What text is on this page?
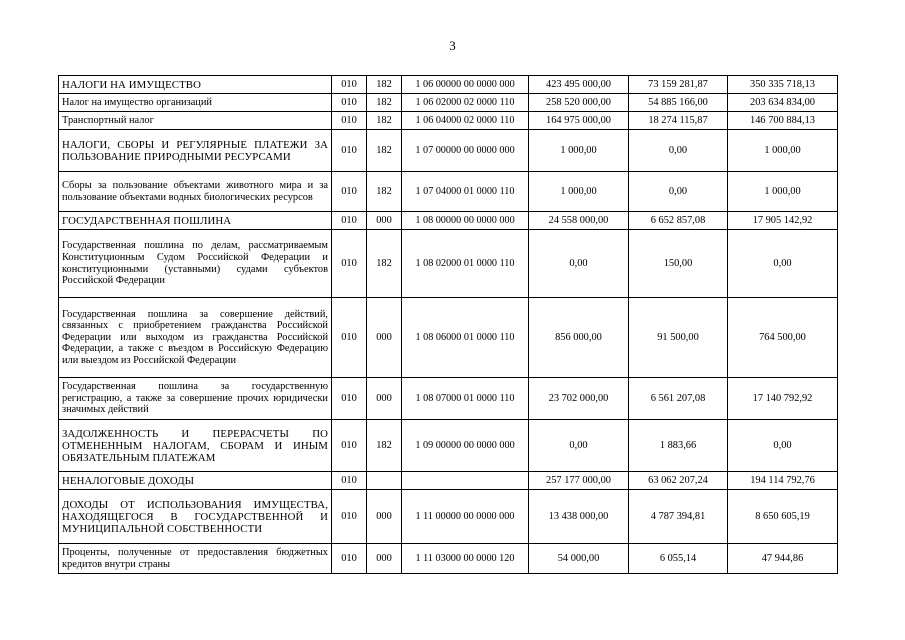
3
НАЛОГИ НА ИМУЩЕСТВО	010	182	1 06 00000 00 0000 000	423 495 000,00	73 159 281,87	350 335 718,13
Налог на имущество организаций	010	182	1 06 02000 02 0000 110	258 520 000,00	54 885 166,00	203 634 834,00
Транспортный налог	010	182	1 06 04000 02 0000 110	164 975 000,00	18 274 115,87	146 700 884,13
НАЛОГИ, СБОРЫ И РЕГУЛЯРНЫЕ ПЛАТЕЖИ ЗА ПОЛЬЗОВАНИЕ ПРИРОДНЫМИ РЕСУРСАМИ	010	182	1 07 00000 00 0000 000	1 000,00	0,00	1 000,00
Сборы за пользование объектами животного мира и за пользование объектами водных биологических ресурсов	010	182	1 07 04000 01 0000 110	1 000,00	0,00	1 000,00
ГОСУДАРСТВЕННАЯ ПОШЛИНА	010	000	1 08 00000 00 0000 000	24 558 000,00	6 652 857,08	17 905 142,92
Государственная пошлина по делам, рассматриваемым Конституционным Судом Российской Федерации и конституционными (уставными) судами субъектов Российской Федерации	010	182	1 08 02000 01 0000 110	0,00	150,00	0,00
Государственная пошлина за совершение действий, связанных с приобретением гражданства Российской Федерации или выходом из гражданства Российской Федерации, а также с въездом в Российскую Федерацию или выездом из Российской Федерации	010	000	1 08 06000 01 0000 110	856 000,00	91 500,00	764 500,00
Государственная пошлина за государственную регистрацию, а также за совершение прочих юридически значимых действий	010	000	1 08 07000 01 0000 110	23 702 000,00	6 561 207,08	17 140 792,92
ЗАДОЛЖЕННОСТЬ И ПЕРЕРАСЧЕТЫ ПО ОТМЕНЕННЫМ НАЛОГАМ, СБОРАМ И ИНЫМ ОБЯЗАТЕЛЬНЫМ ПЛАТЕЖАМ	010	182	1 09 00000 00 0000 000	0,00	1 883,66	0,00
НЕНАЛОГОВЫЕ ДОХОДЫ	010			257 177 000,00	63 062 207,24	194 114 792,76
ДОХОДЫ ОТ ИСПОЛЬЗОВАНИЯ ИМУЩЕСТВА, НАХОДЯЩЕГОСЯ В ГОСУДАРСТВЕННОЙ И МУНИЦИПАЛЬНОЙ СОБСТВЕННОСТИ	010	000	1 11 00000 00 0000 000	13 438 000,00	4 787 394,81	8 650 605,19
Проценты, полученные от предоставления бюджетных кредитов внутри страны	010	000	1 11 03000 00 0000 120	54 000,00	6 055,14	47 944,86
